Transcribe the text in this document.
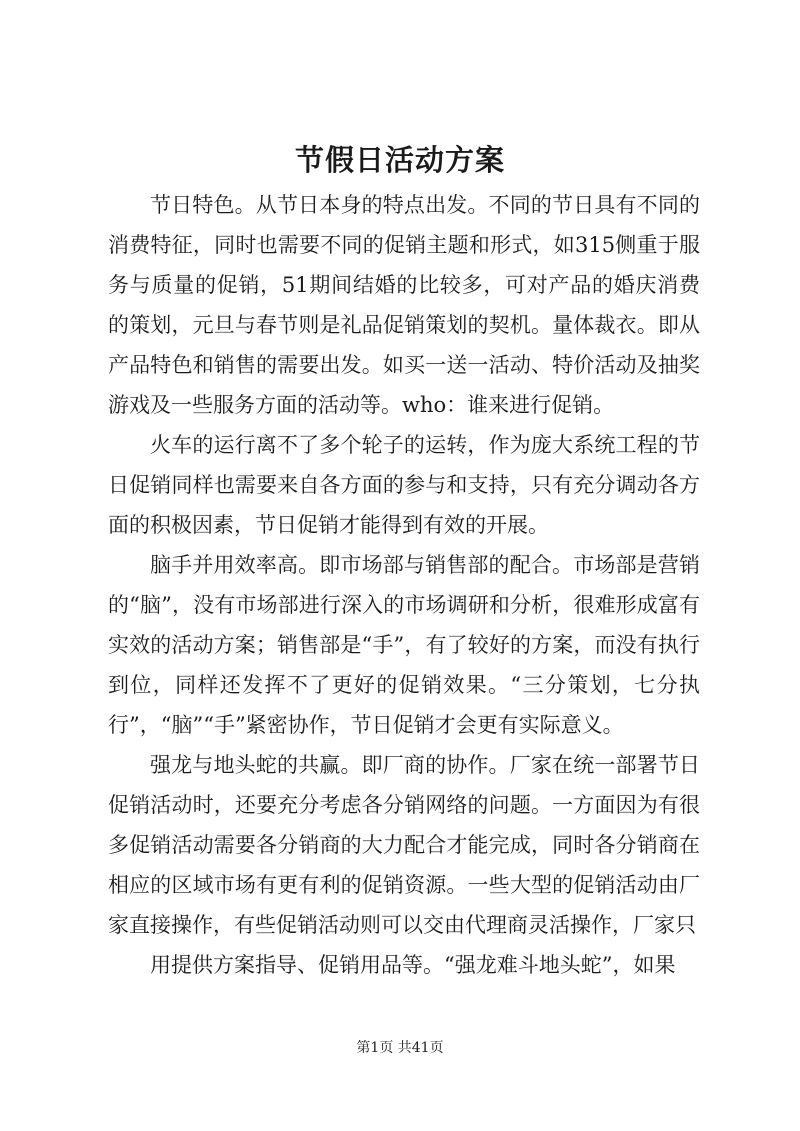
节假日活动方案

节日特色。从节日本身的特点出发。不同的节日具有不同的消费特征，同时也需要不同的促销主题和形式，如315侧重于服务与质量的促销，51期间结婚的比较多，可对产品的婚庆消费的策划，元旦与春节则是礼品促销策划的契机。量体裁衣。即从产品特色和销售的需要出发。如买一送一活动、特价活动及抽奖游戏及一些服务方面的活动等。who：谁来进行促销。

火车的运行离不了多个轮子的运转，作为庞大系统工程的节日促销同样也需要来自各方面的参与和支持，只有充分调动各方面的积极因素，节日促销才能得到有效的开展。

脑手并用效率高。即市场部与销售部的配合。市场部是营销的“脑”，没有市场部进行深入的市场调研和分析，很难形成富有实效的活动方案；销售部是“手”，有了较好的方案，而没有执行到位，同样还发挥不了更好的促销效果。“三分策划，七分执行”，“脑”“手”紧密协作，节日促销才会更有实际意义。

强龙与地头蛇的共赢。即厂商的协作。厂家在统一部署节日促销活动时，还要充分考虑各分销网络的问题。一方面因为有很多促销活动需要各分销商的大力配合才能完成，同时各分销商在相应的区域市场有更有利的促销资源。一些大型的促销活动由厂家直接操作，有些促销活动则可以交由代理商灵活操作，厂家只

用提供方案指导、促销用品等。“强龙难斗地头蛇”，如果

第1页 共41页
